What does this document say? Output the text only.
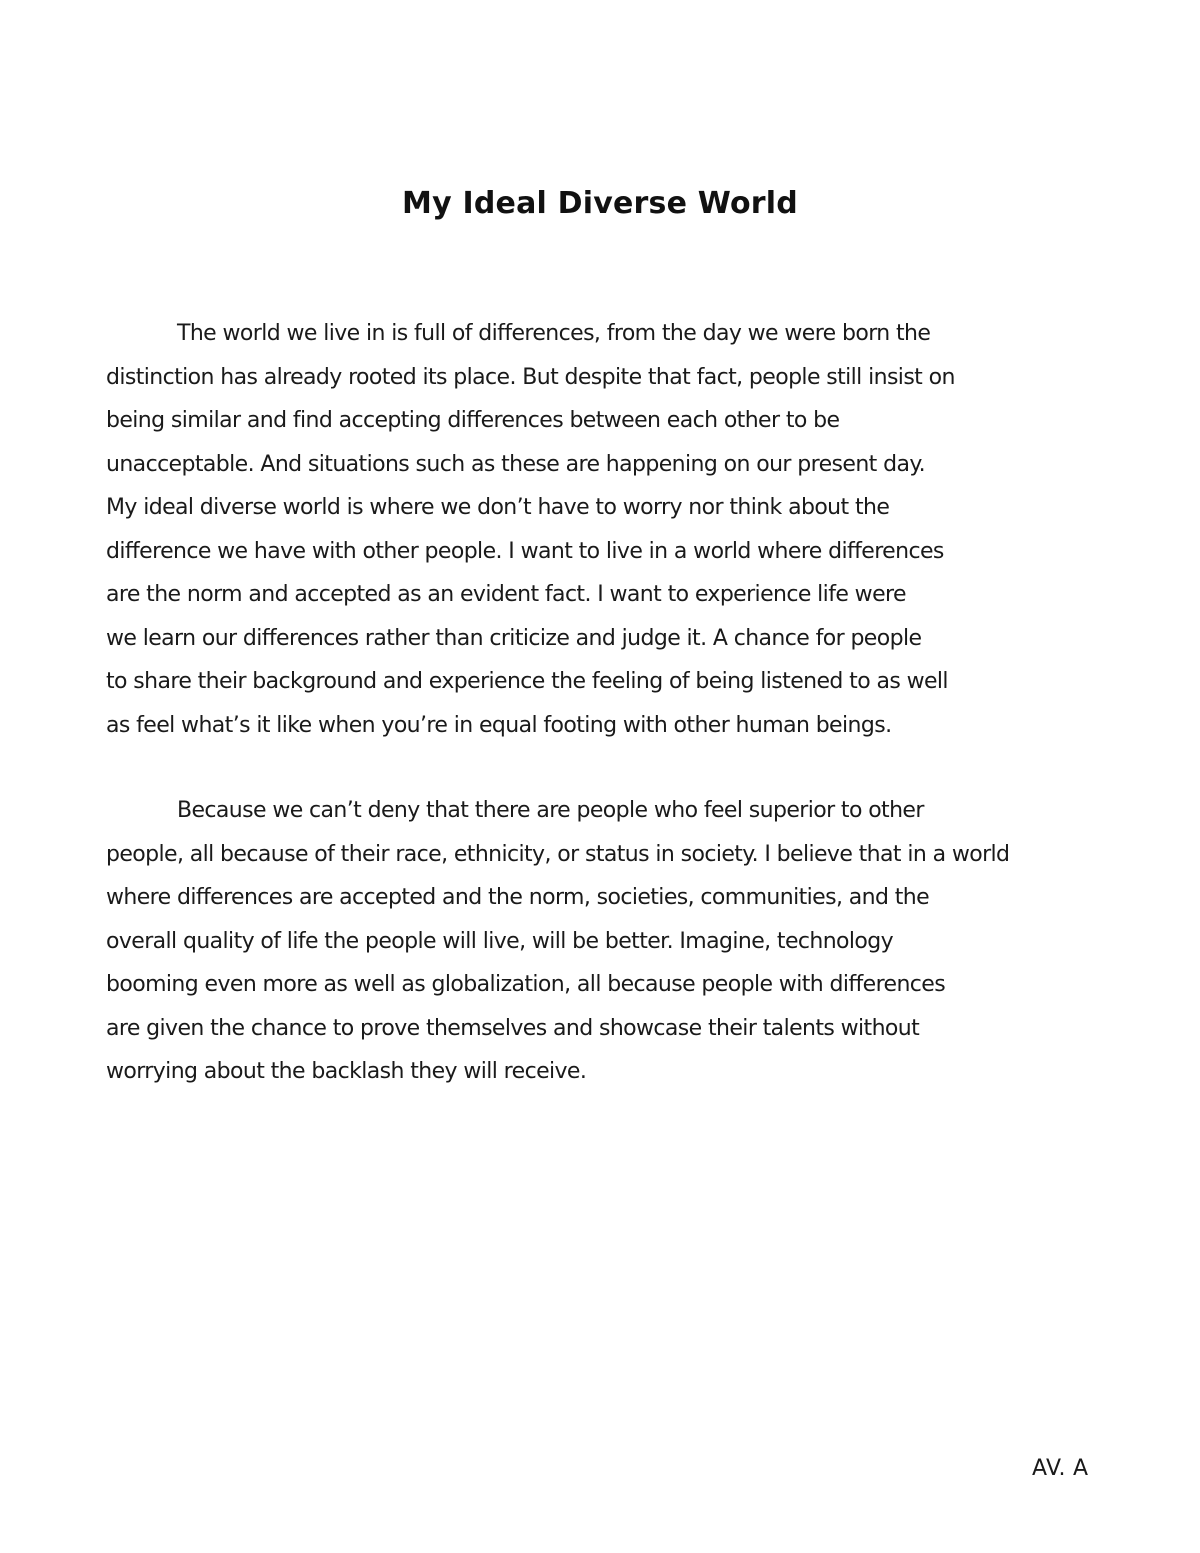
My Ideal Diverse World
The world we live in is full of differences, from the day we were born the
distinction has already rooted its place. But despite that fact, people still insist on
being similar and find accepting differences between each other to be
unacceptable. And situations such as these are happening on our present day.
My ideal diverse world is where we don’t have to worry nor think about the
difference we have with other people. I want to live in a world where differences
are the norm and accepted as an evident fact. I want to experience life were
we learn our differences rather than criticize and judge it. A chance for people
to share their background and experience the feeling of being listened to as well
as feel what’s it like when you’re in equal footing with other human beings.
Because we can’t deny that there are people who feel superior to other
people, all because of their race, ethnicity, or status in society. I believe that in a world
where differences are accepted and the norm, societies, communities, and the
overall quality of life the people will live, will be better. Imagine, technology
booming even more as well as globalization, all because people with differences
are given the chance to prove themselves and showcase their talents without
worrying about the backlash they will receive.
AV. A
